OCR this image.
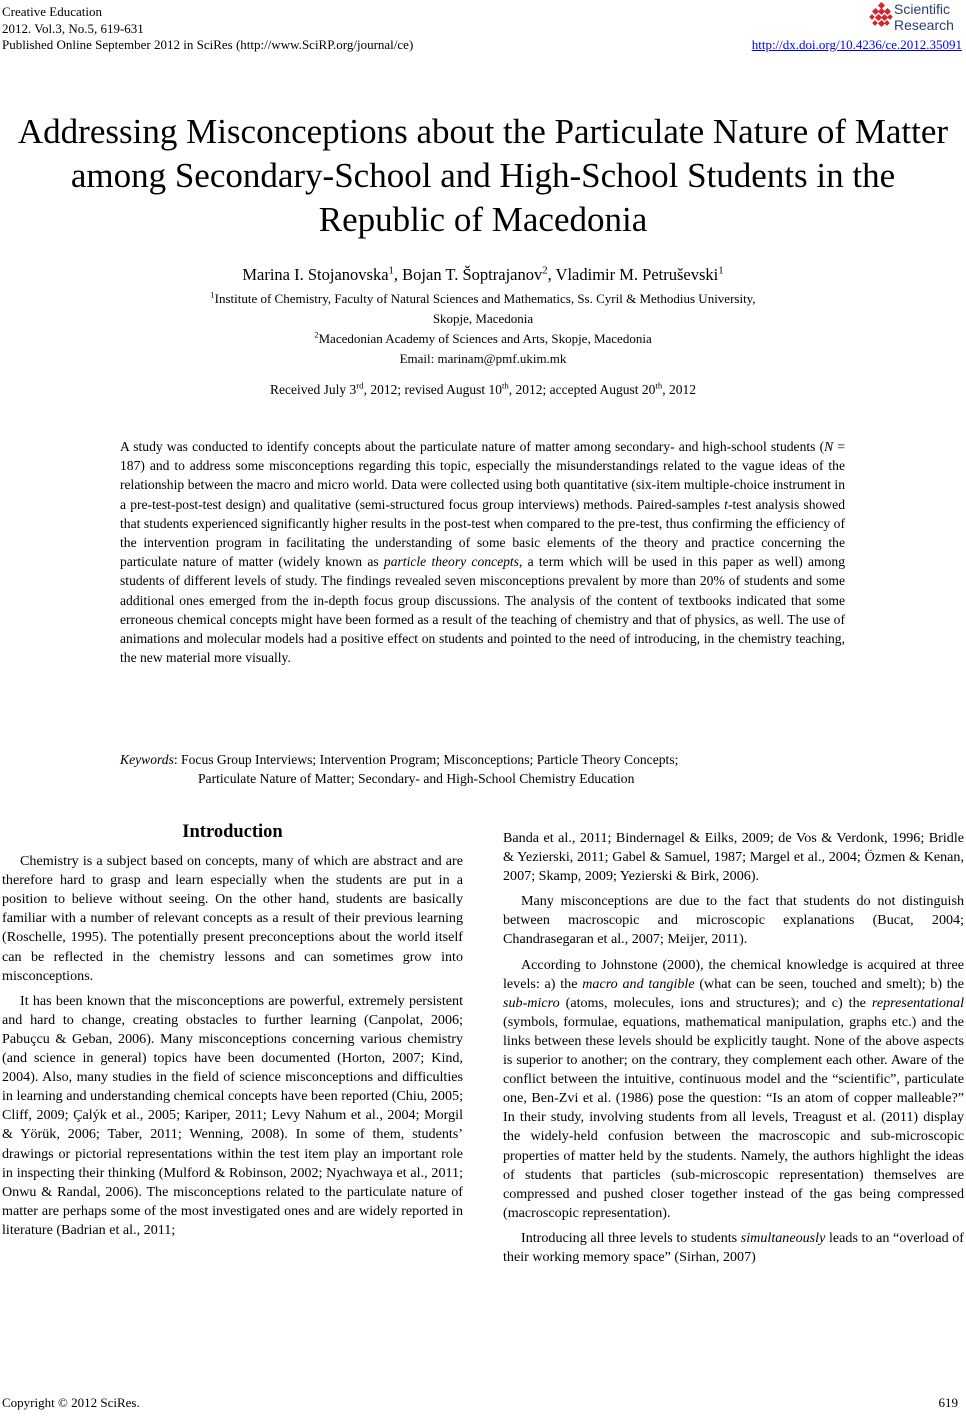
Creative Education
2012. Vol.3, No.5, 619-631
Published Online September 2012 in SciRes (http://www.SciRP.org/journal/ce)
Scientific
Research
http://dx.doi.org/10.4236/ce.2012.35091
Addressing Misconceptions about the Particulate Nature of Matter
among Secondary-School and High-School Students in the
Republic of Macedonia
Marina I. Stojanovska$^1$, Bojan T. Šoptrajanov$^2$, Vladimir M. Petruševski$^1$
$^1$Institute of Chemistry, Faculty of Natural Sciences and Mathematics, Ss. Cyril & Methodius University,
Skopje, Macedonia
$^2$Macedonian Academy of Sciences and Arts, Skopje, Macedonia
Email: marinam@pmf.ukim.mk
Received July 3rd, 2012; revised August 10th, 2012; accepted August 20th, 2012
A study was conducted to identify concepts about the particulate nature of matter among secondary- and high-school students (N = 187) and to address some misconceptions regarding this topic, especially the misunderstandings related to the vague ideas of the relationship between the macro and micro world. Data were collected using both quantitative (six-item multiple-choice instrument in a pre-test-post-test design) and qualitative (semi-structured focus group interviews) methods. Paired-samples t-test analysis showed that students experienced significantly higher results in the post-test when compared to the pre-test, thus confirming the efficiency of the intervention program in facilitating the understanding of some basic elements of the theory and practice concerning the particulate nature of matter (widely known as particle theory concepts, a term which will be used in this paper as well) among students of different levels of study. The findings revealed seven misconceptions prevalent by more than 20% of students and some additional ones emerged from the in-depth focus group discussions. The analysis of the content of textbooks indicated that some erroneous chemical concepts might have been formed as a result of the teaching of chemistry and that of physics, as well. The use of animations and molecular models had a positive effect on students and pointed to the need of introducing, in the chemistry teaching, the new material more visually.
Keywords: Focus Group Interviews; Intervention Program; Misconceptions; Particle Theory Concepts;
Particulate Nature of Matter; Secondary- and High-School Chemistry Education
Introduction

Chemistry is a subject based on concepts, many of which are abstract and are therefore hard to grasp and learn especially when the students are put in a position to believe without seeing. On the other hand, students are basically familiar with a number of relevant concepts as a result of their previous learning (Roschelle, 1995). The potentially present preconceptions about the world itself can be reflected in the chemistry lessons and can sometimes grow into misconceptions.

It has been known that the misconceptions are powerful, extremely persistent and hard to change, creating obstacles to further learning (Canpolat, 2006; Pabuçcu & Geban, 2006). Many misconceptions concerning various chemistry (and science in general) topics have been documented (Horton, 2007; Kind, 2004). Also, many studies in the field of science misconceptions and difficulties in learning and understanding chemical concepts have been reported (Chiu, 2005; Cliff, 2009; Çalýk et al., 2005; Kariper, 2011; Levy Nahum et al., 2004; Morgil & Yörük, 2006; Taber, 2011; Wenning, 2008). In some of them, students’ drawings or pictorial representations within the test item play an important role in inspecting their thinking (Mulford & Robinson, 2002; Nyachwaya et al., 2011; Onwu & Randal, 2006). The misconceptions related to the particulate nature of matter are perhaps some of the most investigated ones and are widely reported in literature (Badrian et al., 2011;

Banda et al., 2011; Bindernagel & Eilks, 2009; de Vos & Verdonk, 1996; Bridle & Yezierski, 2011; Gabel & Samuel, 1987; Margel et al., 2004; Özmen & Kenan, 2007; Skamp, 2009; Yezierski & Birk, 2006).

Many misconceptions are due to the fact that students do not distinguish between macroscopic and microscopic explanations (Bucat, 2004; Chandrasegaran et al., 2007; Meijer, 2011).

According to Johnstone (2000), the chemical knowledge is acquired at three levels: a) the macro and tangible (what can be seen, touched and smelt); b) the sub-micro (atoms, molecules, ions and structures); and c) the representational (symbols, formulae, equations, mathematical manipulation, graphs etc.) and the links between these levels should be explicitly taught. None of the above aspects is superior to another; on the contrary, they complement each other. Aware of the conflict between the intuitive, continuous model and the “scientific”, particulate one, Ben-Zvi et al. (1986) pose the question: “Is an atom of copper malleable?” In their study, involving students from all levels, Treagust et al. (2011) display the widely-held confusion between the macroscopic and sub-microscopic properties of matter held by the students. Namely, the authors highlight the ideas of students that particles (sub-microscopic representation) themselves are compressed and pushed closer together instead of the gas being compressed (macroscopic representation).

Introducing all three levels to students simultaneously leads to an “overload of their working memory space” (Sirhan, 2007)

Copyright © 2012 SciRes.	619
